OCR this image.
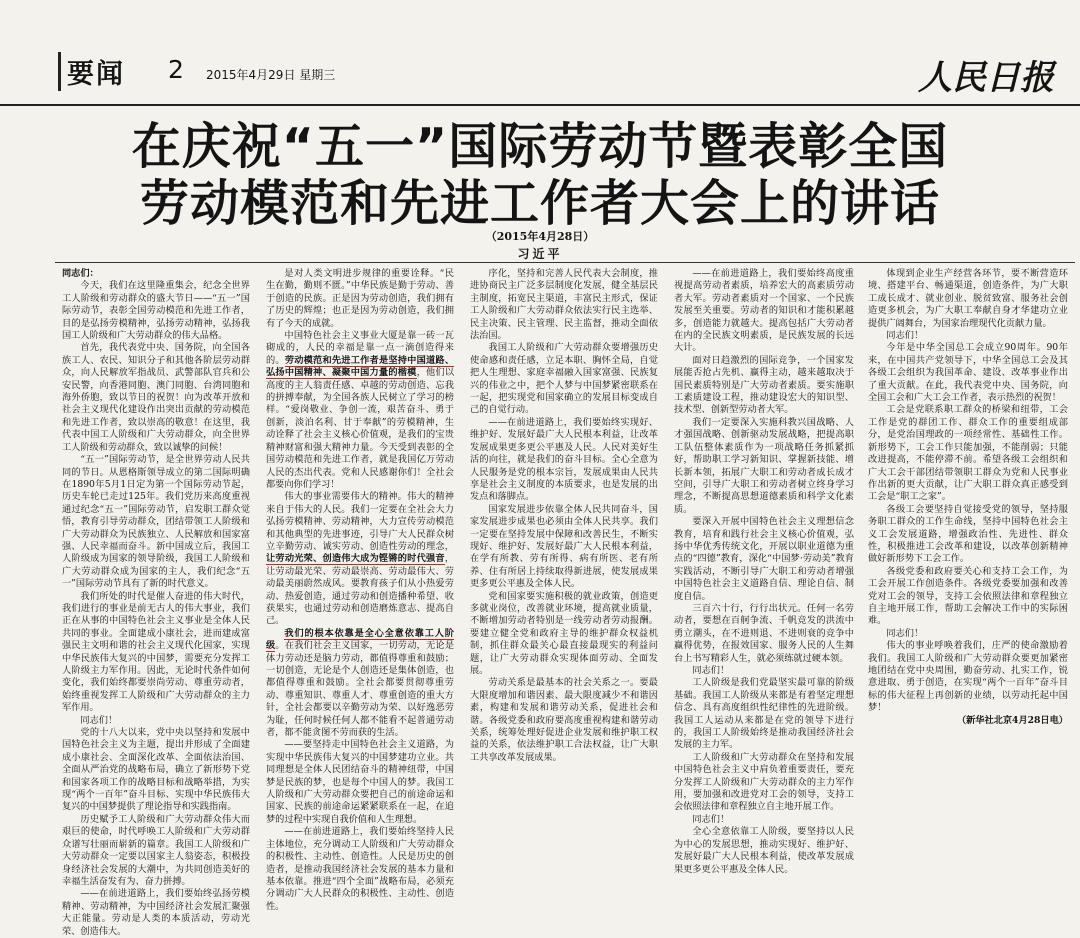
要闻 2 2015年4月29日 星期三	人民日报
在庆祝“五一”国际劳动节暨表彰全国
劳动模范和先进工作者大会上的讲话
（2015年4月28日）
习近平

同志们：

今天，我们在这里隆重集会，纪念全世界工人阶级和劳动群众的盛大节日——“五一”国际劳动节，表彰全国劳动模范和先进工作者，目的是弘扬劳模精神，弘扬劳动精神，弘扬我国工人阶级和广大劳动群众的伟大品格。

首先，我代表党中央、国务院，向全国各族工人、农民、知识分子和其他各阶层劳动群众，向人民解放军指战员、武警部队官兵和公安民警，向香港同胞、澳门同胞、台湾同胞和海外侨胞，致以节日的祝贺！向为改革开放和社会主义现代化建设作出突出贡献的劳动模范和先进工作者，致以崇高的敬意！在这里，我代表中国工人阶级和广大劳动群众，向全世界工人阶级和劳动群众，致以诚挚的问候！

“五一”国际劳动节，是全世界劳动人民共同的节日。从恩格斯领导成立的第二国际明确在1890年5月1日定为第一个国际劳动节起，历史车轮已走过125年。我们党历来高度重视通过纪念“五一”国际劳动节，启发职工群众觉悟，教育引导劳动群众，团结带领工人阶级和广大劳动群众为民族独立、人民解放和国家富强、人民幸福而奋斗。新中国成立后，我国工人阶级成为国家的领导阶级，我国工人阶级和广大劳动群众成为国家的主人，我们纪念“五一”国际劳动节具有了新的时代意义。

我们所处的时代是催人奋进的伟大时代，我们进行的事业是前无古人的伟大事业，我们正在从事的中国特色社会主义事业是全体人民共同的事业。全面建成小康社会，进而建成富强民主文明和谐的社会主义现代化国家，实现中华民族伟大复兴的中国梦，需要充分发挥工人阶级主力军作用。因此，无论时代条件如何变化，我们始终都要崇尚劳动、尊重劳动者，始终重视发挥工人阶级和广大劳动群众的主力军作用。

同志们！

党的十八大以来，党中央以坚持和发展中国特色社会主义为主题，提出并形成了全面建成小康社会、全面深化改革、全面依法治国、全面从严治党的战略布局，确立了新形势下党和国家各项工作的战略目标和战略举措，为实现“两个一百年”奋斗目标、实现中华民族伟大复兴的中国梦提供了理论指导和实践指南。

历史赋予工人阶级和广大劳动群众伟大而艰巨的使命，时代呼唤工人阶级和广大劳动群众谱写壮丽而崭新的篇章。我国工人阶级和广大劳动群众一定要以国家主人翁姿态，积极投身经济社会发展的大潮中，为共同创造美好的幸福生活奋发有为、奋力拼搏。

——在前进道路上，我们要始终弘扬劳模精神、劳动精神，为中国经济社会发展汇聚强大正能量。劳动是人类的本质活动，劳动光荣、创造伟大。

是对人类文明进步规律的重要诠释。“民生在勤，勤则不匮。”中华民族是勤于劳动、善于创造的民族。正是因为劳动创造，我们拥有了历史的辉煌；也正是因为劳动创造，我们拥有了今天的成就。

中国特色社会主义事业大厦是靠一砖一瓦砌成的，人民的幸福是靠一点一滴创造得来的。劳动模范和先进工作者是坚持中国道路、弘扬中国精神、凝聚中国力量的楷模，他们以高度的主人翁责任感、卓越的劳动创造、忘我的拼搏奉献，为全国各族人民树立了学习的榜样。“爱岗敬业、争创一流，艰苦奋斗、勇于创新，淡泊名利、甘于奉献”的劳模精神，生动诠释了社会主义核心价值观，是我们的宝贵精神财富和强大精神力量。今天受到表彰的全国劳动模范和先进工作者，就是我国亿万劳动人民的杰出代表。党和人民感谢你们！全社会都要向你们学习！

伟大的事业需要伟大的精神。伟大的精神来自于伟大的人民。我们一定要在全社会大力弘扬劳模精神、劳动精神，大力宣传劳动模范和其他典型的先进事迹，引导广大人民群众树立辛勤劳动、诚实劳动、创造性劳动的理念，让劳动光荣、创造伟大成为铿锵的时代强音，让劳动最光荣、劳动最崇高、劳动最伟大、劳动最美丽蔚然成风。要教育孩子们从小热爱劳动、热爱创造，通过劳动和创造播种希望、收获果实，也通过劳动和创造磨炼意志、提高自己。

我们的根本依靠是全心全意依靠工人阶级。在我们社会主义国家，一切劳动，无论是体力劳动还是脑力劳动，都值得尊重和鼓励；一切创造，无论是个人创造还是集体创造，也都值得尊重和鼓励。全社会都要贯彻尊重劳动、尊重知识、尊重人才、尊重创造的重大方针，全社会都要以辛勤劳动为荣、以好逸恶劳为耻，任何时候任何人都不能看不起普通劳动者，都不能贪图不劳而获的生活。

——要坚持走中国特色社会主义道路，为实现中华民族伟大复兴的中国梦建功立业。共同理想是全体人民团结奋斗的精神纽带，中国梦是民族的梦，也是每个中国人的梦。我国工人阶级和广大劳动群众要把自己的前途命运和国家、民族的前途命运紧紧联系在一起，在追梦的过程中实现自我价值和人生理想。

——在前进道路上，我们要始终坚持人民主体地位，充分调动工人阶级和广大劳动群众的积极性、主动性、创造性。人民是历史的创造者，是推动我国经济社会发展的基本力量和基本依靠。推进“四个全面”战略布局，必须充分调动广大人民群众的积极性、主动性、创造性。

序化，坚持和完善人民代表大会制度，推进协商民主广泛多层制度化发展，健全基层民主制度，拓宽民主渠道，丰富民主形式，保证工人阶级和广大劳动群众依法实行民主选举、民主决策、民主管理、民主监督，推动全面依法治国。

我国工人阶级和广大劳动群众要增强历史使命感和责任感，立足本职、胸怀全局，自觉把人生理想、家庭幸福融入国家富强、民族复兴的伟业之中，把个人梦与中国梦紧密联系在一起，把实现党和国家确立的发展目标变成自己的自觉行动。

——在前进道路上，我们要始终实现好、维护好、发展好最广大人民根本利益，让改革发展成果更多更公平惠及人民。人民对美好生活的向往，就是我们的奋斗目标。全心全意为人民服务是党的根本宗旨，发展成果由人民共享是社会主义制度的本质要求，也是发展的出发点和落脚点。

国家发展进步依靠全体人民共同奋斗，国家发展进步成果也必须由全体人民共享。我们一定要在坚持发展中保障和改善民生，不断实现好、维护好、发展好最广大人民根本利益，在学有所教、劳有所得、病有所医、老有所养、住有所居上持续取得新进展，使发展成果更多更公平惠及全体人民。

党和国家要实施积极的就业政策，创造更多就业岗位，改善就业环境，提高就业质量，不断增加劳动者特别是一线劳动者劳动报酬。要建立健全党和政府主导的维护群众权益机制，抓住群众最关心最直接最现实的利益问题，让广大劳动群众实现体面劳动、全面发展。

劳动关系是最基本的社会关系之一。要最大限度增加和谐因素、最大限度减少不和谐因素，构建和发展和谐劳动关系，促进社会和谐。各级党委和政府要高度重视构建和谐劳动关系，统筹处理好促进企业发展和维护职工权益的关系，依法维护职工合法权益，让广大职工共享改革发展成果。

——在前进道路上，我们要始终高度重视提高劳动者素质，培养宏大的高素质劳动者大军。劳动者素质对一个国家、一个民族发展至关重要。劳动者的知识和才能积累越多，创造能力就越大。提高包括广大劳动者在内的全民族文明素质，是民族发展的长远大计。

面对日趋激烈的国际竞争，一个国家发展能否抢占先机、赢得主动，越来越取决于国民素质特别是广大劳动者素质。要实施职工素质建设工程，推动建设宏大的知识型、技术型、创新型劳动者大军。

我们一定要深入实施科教兴国战略、人才强国战略、创新驱动发展战略，把提高职工队伍整体素质作为一项战略任务抓紧抓好，帮助职工学习新知识、掌握新技能、增长新本领，拓展广大职工和劳动者成长成才空间，引导广大职工和劳动者树立终身学习理念，不断提高思想道德素质和科学文化素质。

要深入开展中国特色社会主义理想信念教育，培育和践行社会主义核心价值观，弘扬中华优秀传统文化，开展以职业道德为重点的“四德”教育，深化“中国梦·劳动美”教育实践活动，不断引导广大职工和劳动者增强中国特色社会主义道路自信、理论自信、制度自信。

三百六十行，行行出状元。任何一名劳动者，要想在百舸争流、千帆竞发的洪流中勇立潮头，在不进则退、不进则衰的竞争中赢得优势，在报效国家、服务人民的人生舞台上书写精彩人生，就必须练就过硬本领。

同志们！

工人阶级是我们党最坚实最可靠的阶级基础。我国工人阶级从来都是有着坚定理想信念、具有高度组织性纪律性的先进阶级。我国工人运动从来都是在党的领导下进行的，我国工人阶级始终是推动我国经济社会发展的主力军。

工人阶级和广大劳动群众在坚持和发展中国特色社会主义中肩负着重要责任，要充分发挥工人阶级和广大劳动群众的主力军作用，要加强和改进党对工会的领导，支持工会依照法律和章程独立自主地开展工作。

同志们！

全心全意依靠工人阶级，要坚持以人民为中心的发展思想，推动实现好、维护好、发展好最广大人民根本利益，使改革发展成果更多更公平惠及全体人民。

体现到企业生产经营各环节，要不断营造环境、搭建平台、畅通渠道，创造条件，为广大职工成长成才、就业创业、脱贫致富、服务社会创造更多机会，为广大职工奉献自身才华建功立业提供广阔舞台，为国家治理现代化贡献力量。

同志们！

今年是中华全国总工会成立90周年。90年来，在中国共产党领导下，中华全国总工会及其各级工会组织为我国革命、建设、改革事业作出了重大贡献。在此，我代表党中央、国务院，向全国工会和广大工会工作者，表示热烈的祝贺！

工会是党联系职工群众的桥梁和纽带，工会工作是党的群团工作、群众工作的重要组成部分，是党治国理政的一项经常性、基础性工作。新形势下，工会工作只能加强，不能削弱；只能改进提高，不能停滞不前。希望各级工会组织和广大工会干部团结带领职工群众为党和人民事业作出新的更大贡献，让广大职工群众真正感受到工会是“职工之家”。

各级工会要坚持自觉接受党的领导，坚持服务职工群众的工作生命线，坚持中国特色社会主义工会发展道路，增强政治性、先进性、群众性，积极推进工会改革和建设，以改革创新精神做好新形势下工会工作。

各级党委和政府要关心和支持工会工作，为工会开展工作创造条件。各级党委要加强和改善党对工会的领导，支持工会依照法律和章程独立自主地开展工作，帮助工会解决工作中的实际困难。

同志们！

伟大的事业呼唤着我们，庄严的使命激励着我们。我国工人阶级和广大劳动群众要更加紧密地团结在党中央周围，勤奋劳动、扎实工作，锐意进取、勇于创造，在实现“两个一百年”奋斗目标的伟大征程上再创新的业绩，以劳动托起中国梦！

（新华社北京4月28日电）
